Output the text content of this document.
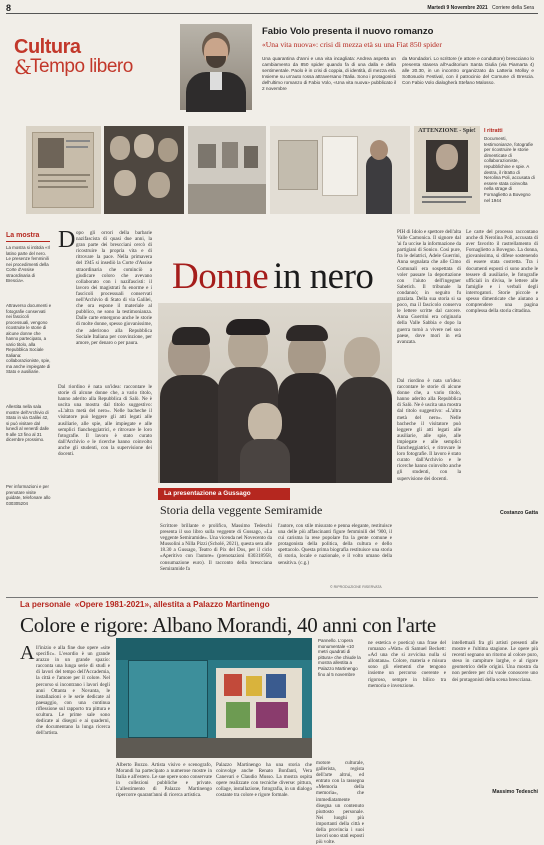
8	Martedì 9 Novembre 2021 Corriere della Sera
Cultura
&
Tempo libero
Fabio Volo presenta il nuovo romanzo
«Una vita nuova»: crisi di mezza età su una Fiat 850 spider
Una quarantina d'anni e una vita incagliata: Andrea aspetta un cambiamento da 850 spider quando fa di una dalla e della sentimentale. Paolo è in crisi di coppia, di identità, di mezza età. Insieme su un'auto rossa attraversano l'Italia. Sono i protagonisti dell'ultimo romanzo di Fabio Volo, «Una vita nuova» pubblicato il 2 novembre
da Mondadori. Lo scrittore (e attore e conduttore) brescciano lo presenta stasera all'Auditorium Santa Giulia (via Piamarta 4) alle 20.30, in un incontro organizzato da Latteria Molloy e Sottosuolo Festival, con il patrocinio del Comune di Brescia. Con Fabio Volo dialogherà Stefano Malosso.
ATTENZIONE - Spie!	I ritratti
Documenti, testimonianze, fotografie per ricostruire le storie dimenticate di collaborazioniste, repubblichine e spie. A destra, il ritratto di Nerolina Poli, accusata di essere stata coinvolta nella strage di Fornaglietto a Bovegno nel 1944
La mostra
La mostra si intitola «Il latino parte del nero. Le presenze femminili nei procedimenti della Corte d'Assise straordinaria di Brescia».
Attraverso documenti e fotografie conservati nei fascicoli processuali, vengono ricostruite le storie di alcune donne che hanno partecipato, a vario titolo, alla Repubblica Sociale Italiana: collaborazioniste, spie, ma anche impiegate di Stato e ausiliarie.
Allestita nella sala mostre dell'Archivio di Stato in via Galilei 42, si può visitare dal lunedì al venerdì dalle 9 alle 13 fino al 31 dicembre prossimo.
Per informazioni e per prenotare visite guidate, telefonare allo 030305204
D opo gli orrori della barbarie nazifascista di quasi due anni, la gran parte dei brescciani cercò di ricostruire la propria vita e di ritrovare la pace. Nella primavera del 1945 si insediò la Corte d'Assise straordinaria che cominciò a giudicare coloro che avevano collaborato con i nazifascisti: il lavoro dei magistrati fu enorme e i fascicoli processuali conservati nell'Archivio di Stato di via Galilei, che ora espone il materiale al pubblico, ne sono la testimonianza. Dalle carte emergono anche le storie di molte donne, spesso giovanissime, che aderirono alla Repubblica Sociale Italiana per convinzione, per amore, per denaro o per paura.
Dal riordino è nata un'idea: raccontare le storie di alcune donne che, a vario titolo, hanno aderito alla Repubblica di Salò. Ne è uscita una mostra dal titolo suggestivo: «L'altra metà del nero». Nelle bacheche il visitatore può leggere gli atti legati alle ausiliarie, alle spie, alle impiegate e alle semplici fiancheggiatrici, e ritrovare le loro fotografie. Il lavoro è stato curato dall'Archivio e le ricerche hanno coinvolto anche gli studenti, con la supervisione dei docenti.
Donne in nero
PIH di Idolo e spettore dell'alta Valle Camonica. Il signore dal 'ai fa uccise la informazione da partigiani di Sonico. Così pure, fra le delatrici, Adele Guerrini, Anna segnalata che alle Cimo Comunali era sospettata di voler passare la deportazione con l'aiuto dell'ingegner Sabetich. Il tribunale la condannò; in seguito fu graziata. Della sua storia si sa poco, ma il fascicolo conserva le lettere scritte dal carcere. Anna Guerrini era originaria della Valle Sabbia e dopo la guerra tornò a vivere nel suo paese, dove morì in età avanzata.
Le carte del processo raccontano anche di Nerolina Poli, accusata di aver favorito il rastrellamento di Fornaglietto a Bovegno. La donna, giovanissima, si difese sostenendo di essere stata costretta. Tra i documenti esposti ci sono anche le tessere di ausiliarie, le fotografie ufficiali in divisa, le lettere alle famiglie e i verbali degli interrogatori. Storie piccole e spesso dimenticate che aiutano a comprendere una pagina complessa della storia cittadina.
Dal riordino è nata un'idea: raccontare le storie di alcune donne che, a vario titolo, hanno aderito alla Repubblica di Salò. Ne è uscita una mostra dal titolo suggestivo: «L'altra metà del nero». Nelle bacheche il visitatore può leggere gli atti legati alle ausiliarie, alle spie, alle impiegate e alle semplici fiancheggiatrici, e ritrovare le loro fotografie. Il lavoro è stato curato dall'Archivio e le ricerche hanno coinvolto anche gli studenti, con la supervisione dei docenti.
Costanzo Gatta
La presentazione a Gussago
Storia della veggente Semiramide
Scrittore brillante e prolifico, Massimo Tedeschi presenta il suo libro sulla veggente di Gussago, «La veggente Semiramide». Una vicenda nel Novecento da Mussolini a Nilla Pizzi (Scholé, 2021), questa sera alle 18.30 a Gussago, Teatro di Pix del Dos, per il ciclo «Aperitivo con l'autore» (prenotazioni 030318958, consumazione euro). Il racconto della brescciana Semiramide fa
l'autore, con stile misurato e penna elegante, restituisce una delle più affascinanti figure femminili del '900, il cui carisma la rese popolare fra la gente comune e protagonista della politica, della cultura e dello spettacolo. Questa prima biografia restituisce una storia di storia, locale e nazionale, e il volto umano della sensitiva. (c.g.)
© RIPRODUZIONE RISERVATA
La personale «Opere 1981-2021», allestita a Palazzo Martinengo
Colore e rigore: Albano Morandi, 40 anni con l'arte
A ll'inizio e alla fine due opere «site specific». L'esordio è un grande arazzo in un grande spazio: racconta una lunga serie di studi e di lavori del tempo dell'Accademia, la città e l'amore per il colore. Nel percorso si incontrano i lavori degli anni Ottanta e Novanta, le installazioni e le serie dedicate al paesaggio, con una continua riflessione sul rapporto tra pittura e scultura. Le prime sale sono dedicate ai disegni e ai quaderni, che documentano la lunga ricerca dell'artista.
Pannello. L'opera monumentale «10 metri quadrati di pittura» che chiude la mostra allestita a Palazzo Martinengo fino al 5 novembre
Alberto Bozzo. Artista visivo e scenografo, Morandi ha partecipato a numerose mostre in Italia e all'estero. Le sue opere sono conservate in collezioni pubbliche e private. L'allestimento di Palazzo Martinengo ripercorre quarant'anni di ricerca artistica.
Palazzo Martinengo ha una storia che coinvolge anche Renato Bonfanti, Vera Canevari e Claudio Musso. La mostra ospita opere realizzate con tecniche diverse: pittura, collage, installazione, fotografia, in un dialogo costante tra colore e rigore formale.
motore culturale, gallerista, regista dell'arte altrui, ed entrato con la rassegna «Memoria della memoria», che immediatamente disegna un contenuto piuttosto personale. Nei luoghi più importanti della città e della provincia i suoi lavori sono stati esposti più volte.
ne estetica e poetica) una frase del romanzo «Watt» di Samuel Beckett: «Ad una che si avvicina nulla si allontana». Colore, materia e misura sono gli elementi che tengono insieme un percorso coerente e rigoroso, sempre in bilico tra memoria e invenzione.
intellettuali fra gli artisti presenti alle mostre e l'ultima stagione. Le opere più recenti segnano un ritorno al colore puro, steso in campiture larghe, e al rigore geometrico delle origini. Una mostra da non perdere per chi vuole conoscere uno dei protagonisti della scena brescciana.
Massimo Tedeschi
